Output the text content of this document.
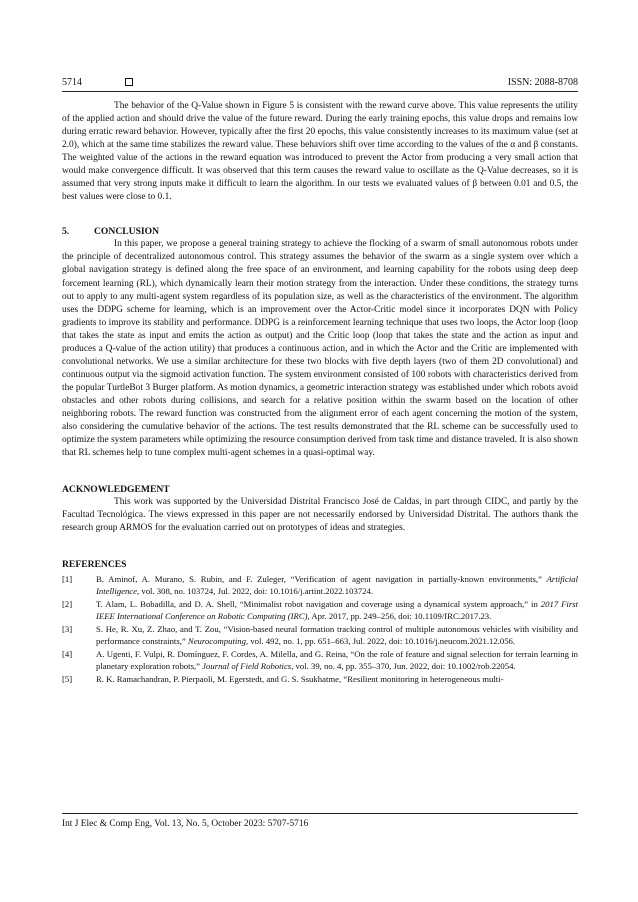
5714	ISSN: 2088-8708

The behavior of the Q-Value shown in Figure 5 is consistent with the reward curve above. This value represents the utility of the applied action and should drive the value of the future reward. During the early training epochs, this value drops and remains low during erratic reward behavior. However, typically after the first 20 epochs, this value consistently increases to its maximum value (set at 2.0), which at the same time stabilizes the reward value. These behaviors shift over time according to the values of the α and β constants. The weighted value of the actions in the reward equation was introduced to prevent the Actor from producing a very small action that would make convergence difficult. It was observed that this term causes the reward value to oscillate as the Q-Value decreases, so it is assumed that very strong inputs make it difficult to learn the algorithm. In our tests we evaluated values of β between 0.01 and 0.5, the best values were close to 0.1.

5.	CONCLUSION

In this paper, we propose a general training strategy to achieve the flocking of a swarm of small autonomous robots under the principle of decentralized autonomous control. This strategy assumes the behavior of the swarm as a single system over which a global navigation strategy is defined along the free space of an environment, and learning capability for the robots using deep deep forcement learning (RL), which dynamically learn their motion strategy from the interaction. Under these conditions, the strategy turns out to apply to any multi-agent system regardless of its population size, as well as the characteristics of the environment. The algorithm uses the DDPG scheme for learning, which is an improvement over the Actor-Critic model since it incorporates DQN with Policy gradients to improve its stability and performance. DDPG is a reinforcement learning technique that uses two loops, the Actor loop (loop that takes the state as input and emits the action as output) and the Critic loop (loop that takes the state and the action as input and produces a Q-value of the action utility) that produces a continuous action, and in which the Actor and the Critic are implemented with convolutional networks. We use a similar architecture for these two blocks with five depth layers (two of them 2D convolutional) and continuous output via the sigmoid activation function. The system environment consisted of 100 robots with characteristics derived from the popular TurtleBot 3 Burger platform. As motion dynamics, a geometric interaction strategy was established under which robots avoid obstacles and other robots during collisions, and search for a relative position within the swarm based on the location of other neighboring robots. The reward function was constructed from the alignment error of each agent concerning the motion of the system, also considering the cumulative behavior of the actions. The test results demonstrated that the RL scheme can be successfully used to optimize the system parameters while optimizing the resource consumption derived from task time and distance traveled. It is also shown that RL schemes help to tune complex multi-agent schemes in a quasi-optimal way.

ACKNOWLEDGEMENT

This work was supported by the Universidad Distrital Francisco José de Caldas, in part through CIDC, and partly by the Facultad Tecnológica. The views expressed in this paper are not necessarily endorsed by Universidad Distrital. The authors thank the research group ARMOS for the evaluation carried out on prototypes of ideas and strategies.

REFERENCES

[1]	B. Aminof, A. Murano, S. Rubin, and F. Zuleger, “Verification of agent navigation in partially-known environments,” Artificial Intelligence, vol. 308, no. 103724, Jul. 2022, doi: 10.1016/j.artint.2022.103724.
[2]	T. Alam, L. Bobadilla, and D. A. Shell, “Minimalist robot navigation and coverage using a dynamical system approach,” in 2017 First IEEE International Conference on Robotic Computing (IRC), Apr. 2017, pp. 249–256, doi: 10.1109/IRC.2017.23.
[3]	S. He, R. Xu, Z. Zhao, and T. Zou, “Vision-based neural formation tracking control of multiple autonomous vehicles with visibility and performance constraints,” Neurocomputing, vol. 492, no. 1, pp. 651–663, Jul. 2022, doi: 10.1016/j.neucom.2021.12.056.
[4]	A. Ugenti, F. Vulpi, R. Domínguez, F. Cordes, A. Milella, and G. Reina, “On the role of feature and signal selection for terrain learning in planetary exploration robots,” Journal of Field Robotics, vol. 39, no. 4, pp. 355–370, Jun. 2022, doi: 10.1002/rob.22054.
[5]	R. K. Ramachandran, P. Pierpaoli, M. Egerstedt, and G. S. Ssukhatme, “Resilient monitoring in heterogeneous multi-
Int J Elec & Comp Eng, Vol. 13, No. 5, October 2023: 5707-5716
